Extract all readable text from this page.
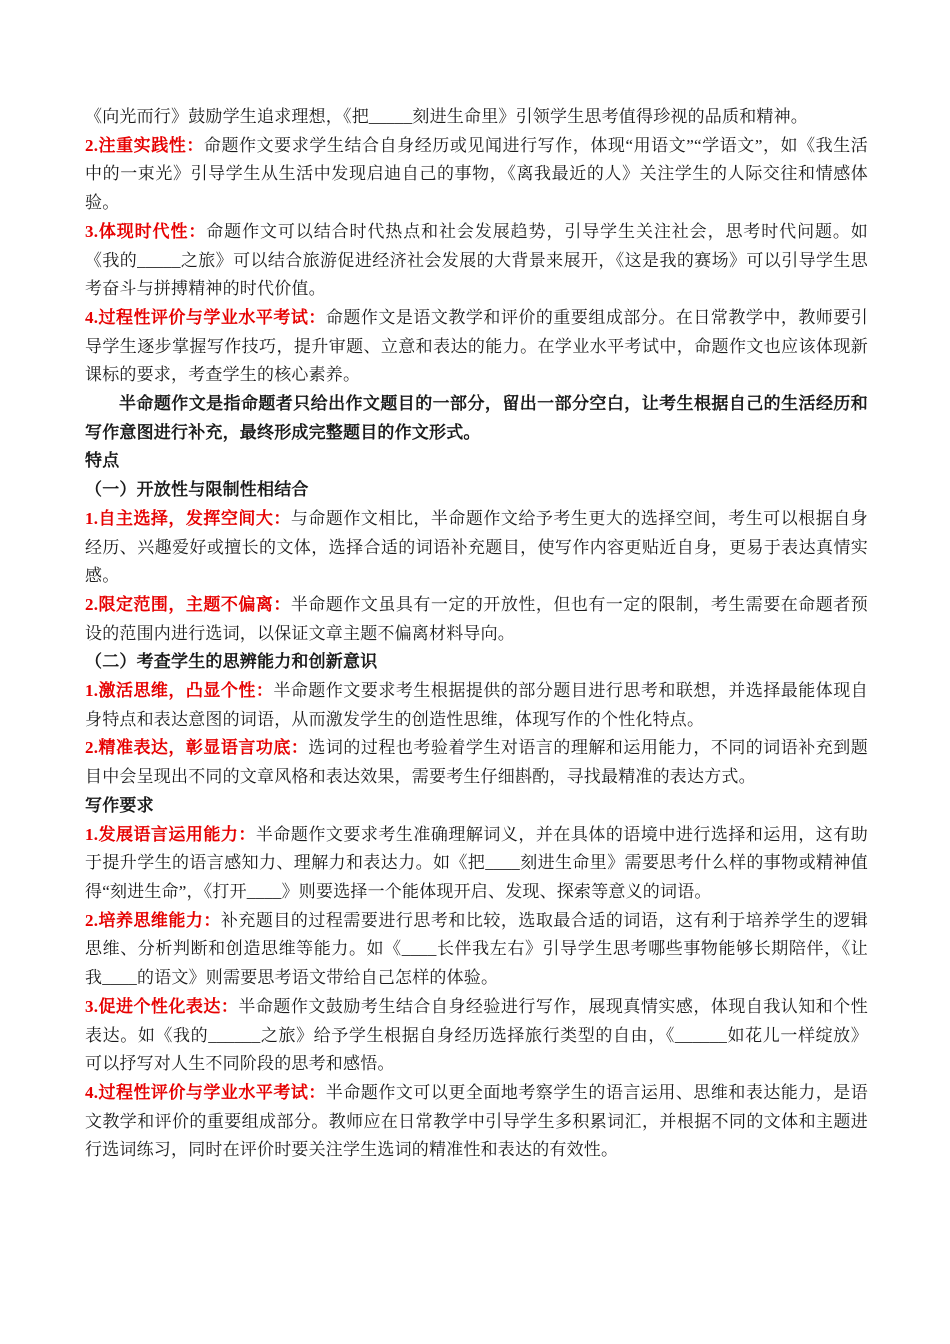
《向光而行》鼓励学生追求理想，《把_____刻进生命里》引领学生思考值得珍视的品质和精神。

2.注重实践性：命题作文要求学生结合自身经历或见闻进行写作，体现“用语文”“学语文”，如《我生活中的一束光》引导学生从生活中发现启迪自己的事物，《离我最近的人》关注学生的人际交往和情感体验。

3.体现时代性：命题作文可以结合时代热点和社会发展趋势，引导学生关注社会，思考时代问题。如《我的_____之旅》可以结合旅游促进经济社会发展的大背景来展开，《这是我的赛场》可以引导学生思考奋斗与拼搏精神的时代价值。

4.过程性评价与学业水平考试：命题作文是语文教学和评价的重要组成部分。在日常教学中，教师要引导学生逐步掌握写作技巧，提升审题、立意和表达的能力。在学业水平考试中，命题作文也应该体现新课标的要求，考查学生的核心素养。

半命题作文是指命题者只给出作文题目的一部分，留出一部分空白，让考生根据自己的生活经历和写作意图进行补充，最终形成完整题目的作文形式。

特点

（一）开放性与限制性相结合

1.自主选择，发挥空间大：与命题作文相比，半命题作文给予考生更大的选择空间，考生可以根据自身经历、兴趣爱好或擅长的文体，选择合适的词语补充题目，使写作内容更贴近自身，更易于表达真情实感。

2.限定范围，主题不偏离：半命题作文虽具有一定的开放性，但也有一定的限制，考生需要在命题者预设的范围内进行选词，以保证文章主题不偏离材料导向。

（二）考查学生的思辨能力和创新意识

1.激活思维，凸显个性：半命题作文要求考生根据提供的部分题目进行思考和联想，并选择最能体现自身特点和表达意图的词语，从而激发学生的创造性思维，体现写作的个性化特点。

2.精准表达，彰显语言功底：选词的过程也考验着学生对语言的理解和运用能力，不同的词语补充到题目中会呈现出不同的文章风格和表达效果，需要考生仔细斟酌，寻找最精准的表达方式。

写作要求

1.发展语言运用能力：半命题作文要求考生准确理解词义，并在具体的语境中进行选择和运用，这有助于提升学生的语言感知力、理解力和表达力。如《把____刻进生命里》需要思考什么样的事物或精神值得“刻进生命”，《打开____》则要选择一个能体现开启、发现、探索等意义的词语。

2.培养思维能力：补充题目的过程需要进行思考和比较，选取最合适的词语，这有利于培养学生的逻辑思维、分析判断和创造思维等能力。如《____长伴我左右》引导学生思考哪些事物能够长期陪伴，《让我____的语文》则需要思考语文带给自己怎样的体验。

3.促进个性化表达：半命题作文鼓励考生结合自身经验进行写作，展现真情实感，体现自我认知和个性表达。如《我的______之旅》给予学生根据自身经历选择旅行类型的自由，《______如花儿一样绽放》可以抒写对人生不同阶段的思考和感悟。

4.过程性评价与学业水平考试：半命题作文可以更全面地考察学生的语言运用、思维和表达能力，是语文教学和评价的重要组成部分。教师应在日常教学中引导学生多积累词汇，并根据不同的文体和主题进行选词练习，同时在评价时要关注学生选词的精准性和表达的有效性。
